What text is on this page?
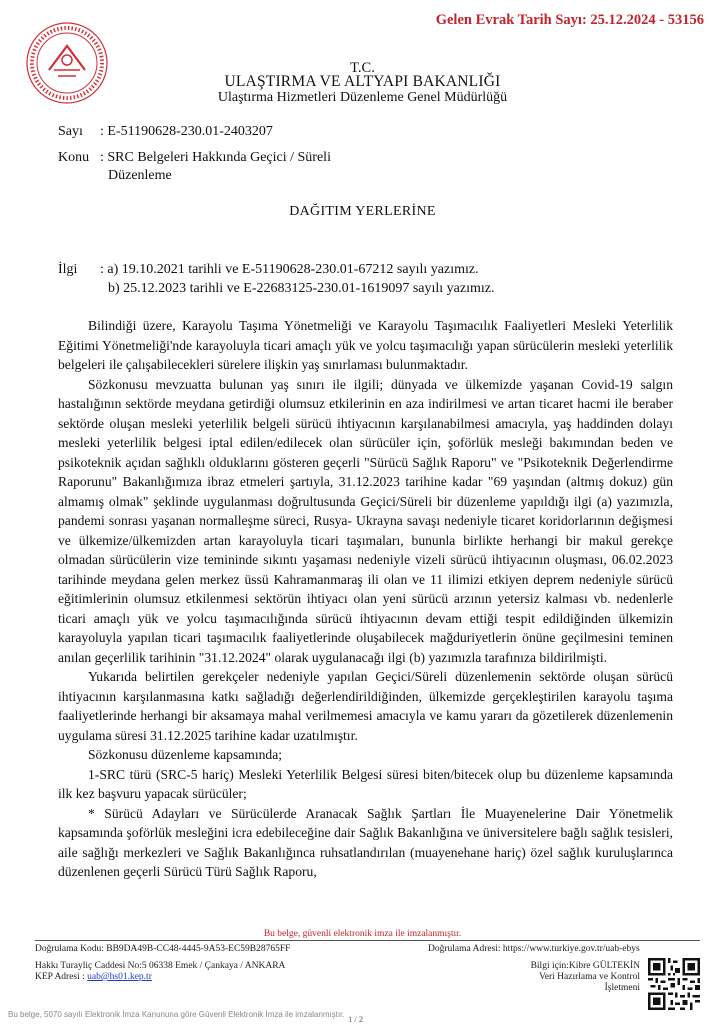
Gelen Evrak Tarih Sayı: 25.12.2024 - 53156
T.C.
ULAŞTIRMA VE ALTYAPI BAKANLIĞI
Ulaştırma Hizmetleri Düzenleme Genel Müdürlüğü
Sayı : E-51190628-230.01-2403207
Konu : SRC Belgeleri Hakkında Geçici / Süreli
Düzenleme
DAĞITIM YERLERİNE
İlgi : a) 19.10.2021 tarihli ve E-51190628-230.01-67212 sayılı yazımız.
b) 25.12.2023 tarihli ve E-22683125-230.01-1619097 sayılı yazımız.

Bilindiği üzere, Karayolu Taşıma Yönetmeliği ve Karayolu Taşımacılık Faaliyetleri Mesleki Yeterlilik Eğitimi Yönetmeliği'nde karayoluyla ticari amaçlı yük ve yolcu taşımacılığı yapan sürücülerin mesleki yeterlilik belgeleri ile çalışabilecekleri sürelere ilişkin yaş sınırlaması bulunmaktadır.

Sözkonusu mevzuatta bulunan yaş sınırı ile ilgili; dünyada ve ülkemizde yaşanan Covid-19 salgın hastalığının sektörde meydana getirdiği olumsuz etkilerinin en aza indirilmesi ve artan ticaret hacmi ile beraber sektörde oluşan mesleki yeterlilik belgeli sürücü ihtiyacının karşılanabilmesi amacıyla, yaş haddinden dolayı mesleki yeterlilik belgesi iptal edilen/edilecek olan sürücüler için, şoförlük mesleği bakımından beden ve psikoteknik açıdan sağlıklı olduklarını gösteren geçerli "Sürücü Sağlık Raporu" ve "Psikoteknik Değerlendirme Raporunu" Bakanlığımıza ibraz etmeleri şartıyla, 31.12.2023 tarihine kadar "69 yaşından (altmış dokuz) gün almamış olmak" şeklinde uygulanması doğrultusunda Geçici/Süreli bir düzenleme yapıldığı ilgi (a) yazımızla, pandemi sonrası yaşanan normalleşme süreci, Rusya- Ukrayna savaşı nedeniyle ticaret koridorlarının değişmesi ve ülkemize/ülkemizden artan karayoluyla ticari taşımaları, bununla birlikte herhangi bir makul gerekçe olmadan sürücülerin vize temininde sıkıntı yaşaması nedeniyle vizeli sürücü ihtiyacının oluşması, 06.02.2023 tarihinde meydana gelen merkez üssü Kahramanmaraş ili olan ve 11 ilimizi etkiyen deprem nedeniyle sürücü eğitimlerinin olumsuz etkilenmesi sektörün ihtiyacı olan yeni sürücü arzının yetersiz kalması vb. nedenlerle ticari amaçlı yük ve yolcu taşımacılığında sürücü ihtiyacının devam ettiği tespit edildiğinden ülkemizin karayoluyla yapılan ticari taşımacılık faaliyetlerinde oluşabilecek mağduriyetlerin önüne geçilmesini teminen anılan geçerlilik tarihinin "31.12.2024" olarak uygulanacağı ilgi (b) yazımızla tarafınıza bildirilmişti.

Yukarıda belirtilen gerekçeler nedeniyle yapılan Geçici/Süreli düzenlemenin sektörde oluşan sürücü ihtiyacının karşılanmasına katkı sağladığı değerlendirildiğinden, ülkemizde gerçekleştirilen karayolu taşıma faaliyetlerinde herhangi bir aksamaya mahal verilmemesi amacıyla ve kamu yararı da gözetilerek düzenlemenin uygulama süresi 31.12.2025 tarihine kadar uzatılmıştır.

Sözkonusu düzenleme kapsamında;

1-SRC türü (SRC-5 hariç) Mesleki Yeterlilik Belgesi süresi biten/bitecek olup bu düzenleme kapsamında ilk kez başvuru yapacak sürücüler;

* Sürücü Adayları ve Sürücülerde Aranacak Sağlık Şartları İle Muayenelerine Dair Yönetmelik kapsamında şoförlük mesleğini icra edebileceğine dair Sağlık Bakanlığına ve üniversitelere bağlı sağlık tesisleri, aile sağlığı merkezleri ve Sağlık Bakanlığınca ruhsatlandırılan (muayenehane hariç) özel sağlık kuruluşlarınca düzenlenen geçerli Sürücü Türü Sağlık Raporu,

Bu belge, güvenli elektronik imza ile imzalanmıştır.
Doğrulama Kodu: BB9DA49B-CC48-4445-9A53-EC59B28765FF	Doğrulama Adresi: https://www.turkiye.gov.tr/uab-ebys
Hakkı Turayliç Caddesi No:5 06338 Emek / Çankaya / ANKARA
KEP Adresi : uab@hs01.kep.tr
Bilgi için:Kibre GÜLTEKİN
Veri Hazırlama ve Kontrol
İşletmeni
Bu belge, 5070 sayılı Elektronik İmza Kanununa göre Güvenli Elektronik İmza ile imzalanmıştır. 1 / 2
